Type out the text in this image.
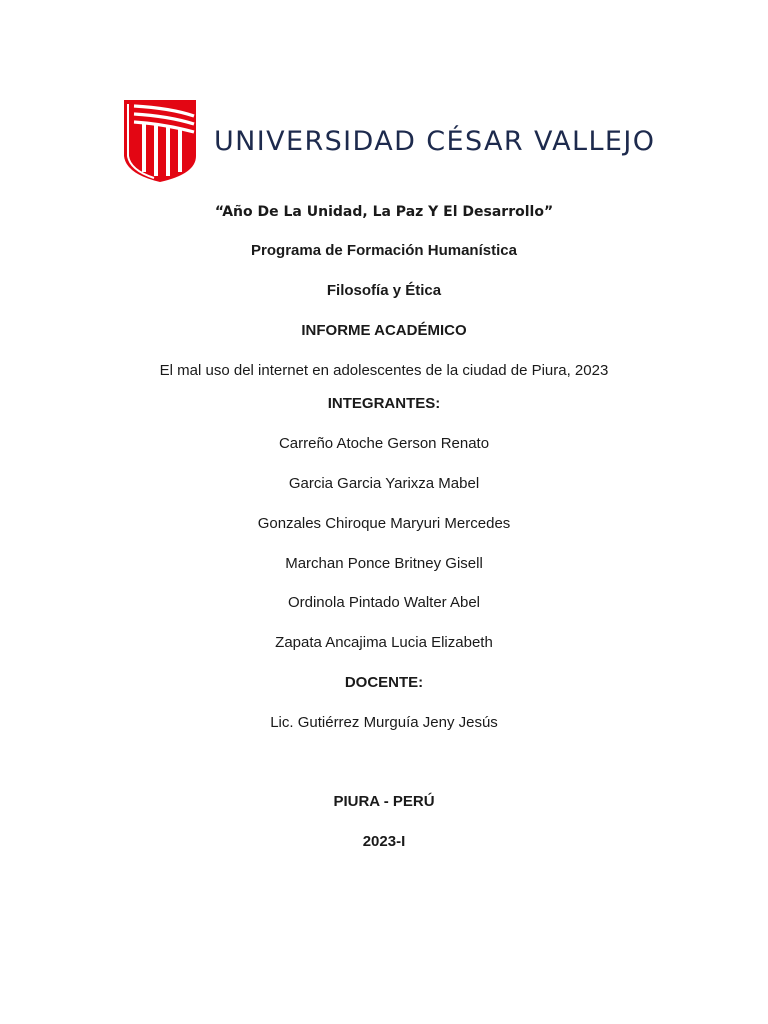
UNIVERSIDAD CÉSAR VALLEJO
“Año De La Unidad, La Paz Y El Desarrollo”
Programa de Formación Humanística
Filosofía y Ética
INFORME ACADÉMICO
El mal uso del internet en adolescentes de la ciudad de Piura, 2023
INTEGRANTES:
Carreño Atoche Gerson Renato
Garcia Garcia Yarixza Mabel
Gonzales Chiroque Maryuri Mercedes
Marchan Ponce Britney Gisell
Ordinola Pintado Walter Abel
Zapata Ancajima Lucia Elizabeth
DOCENTE:
Lic. Gutiérrez Murguía Jeny Jesús
PIURA - PERÚ
2023-I
